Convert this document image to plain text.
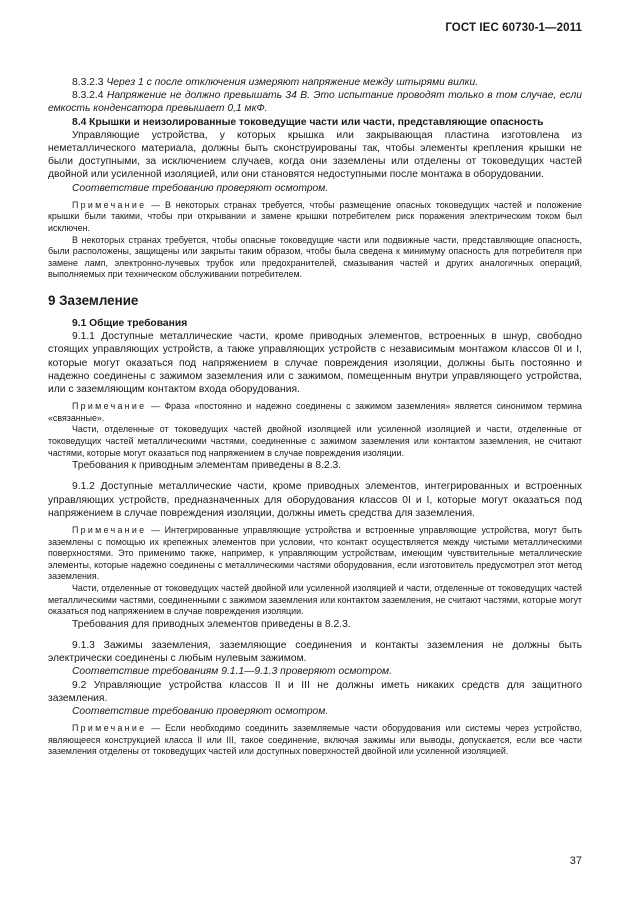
ГОСТ IEC 60730-1—2011

8.3.2.3 Через 1 с после отключения измеряют напряжение между штырями вилки.

8.3.2.4 Напряжение не должно превышать 34 В. Это испытание проводят только в том случае, если емкость конденсатора превышает 0,1 мкФ.

8.4 Крышки и неизолированные токоведущие части или части, представляющие опасность

Управляющие устройства, у которых крышка или закрывающая пластина изготовлена из неметаллического материала, должны быть сконструированы так, чтобы элементы крепления крышки не были доступными, за исключением случаев, когда они заземлены или отделены от токоведущих частей двойной или усиленной изоляцией, или они становятся недоступными после монтажа в оборудовании.

Соответствие требованию проверяют осмотром.

Примечание — В некоторых странах требуется, чтобы размещение опасных токоведущих частей и положение крышки были такими, чтобы при открывании и замене крышки потребителем риск поражения электрическим током был исключен.

В некоторых странах требуется, чтобы опасные токоведущие части или подвижные части, представляющие опасность, были расположены, защищены или закрыты таким образом, чтобы была сведена к минимуму опасность для потребителя при замене ламп, электронно-лучевых трубок или предохранителей, смазывания частей и других аналогичных операций, выполняемых при техническом обслуживании потребителем.

9 Заземление

9.1 Общие требования

9.1.1 Доступные металлические части, кроме приводных элементов, встроенных в шнур, свободно стоящих управляющих устройств, а также управляющих устройств с независимым монтажом классов 0I и I, которые могут оказаться под напряжением в случае повреждения изоляции, должны быть постоянно и надежно соединены с зажимом заземления или с зажимом, помещенным внутри управляющего устройства, или с заземляющим контактом входа оборудования.

Примечание — Фраза «постоянно и надежно соединены с зажимом заземления» является синонимом термина «связанные».

Части, отделенные от токоведущих частей двойной изоляцией или усиленной изоляцией и части, отделенные от токоведущих частей металлическими частями, соединенные с зажимом заземления или контактом заземления, не считают частями, которые могут оказаться под напряжением в случае повреждения изоляции.

Требования к приводным элементам приведены в 8.2.3.

9.1.2 Доступные металлические части, кроме приводных элементов, интегрированных и встроенных управляющих устройств, предназначенных для оборудования классов 0I и I, которые могут оказаться под напряжением в случае повреждения изоляции, должны иметь средства для заземления.

Примечание — Интегрированные управляющие устройства и встроенные управляющие устройства, могут быть заземлены с помощью их крепежных элементов при условии, что контакт осуществляется между чистыми металлическими поверхностями. Это применимо также, например, к управляющим устройствам, имеющим чувствительные металлические элементы, которые надежно соединены с металлическими частями оборудования, если изготовитель предусмотрел этот метод заземления.

Части, отделенные от токоведущих частей двойной или усиленной изоляцией и части, отделенные от токоведущих частей металлическими частями, соединенными с зажимом заземления или контактом заземления, не считают частями, которые могут оказаться под напряжением в случае повреждения изоляции.

Требования для приводных элементов приведены в 8.2.3.

9.1.3 Зажимы заземления, заземляющие соединения и контакты заземления не должны быть электрически соединены с любым нулевым зажимом.

Соответствие требованиям 9.1.1—9.1.3 проверяют осмотром.

9.2 Управляющие устройства классов II и III не должны иметь никаких средств для защитного заземления.

Соответствие требованию проверяют осмотром.

Примечание — Если необходимо соединить заземляемые части оборудования или системы через устройство, являющееся конструкцией класса II или III, такое соединение, включая зажимы или выводы, допускается, если все части заземления отделены от токоведущих частей или доступных поверхностей двойной или усиленной изоляцией.

37
